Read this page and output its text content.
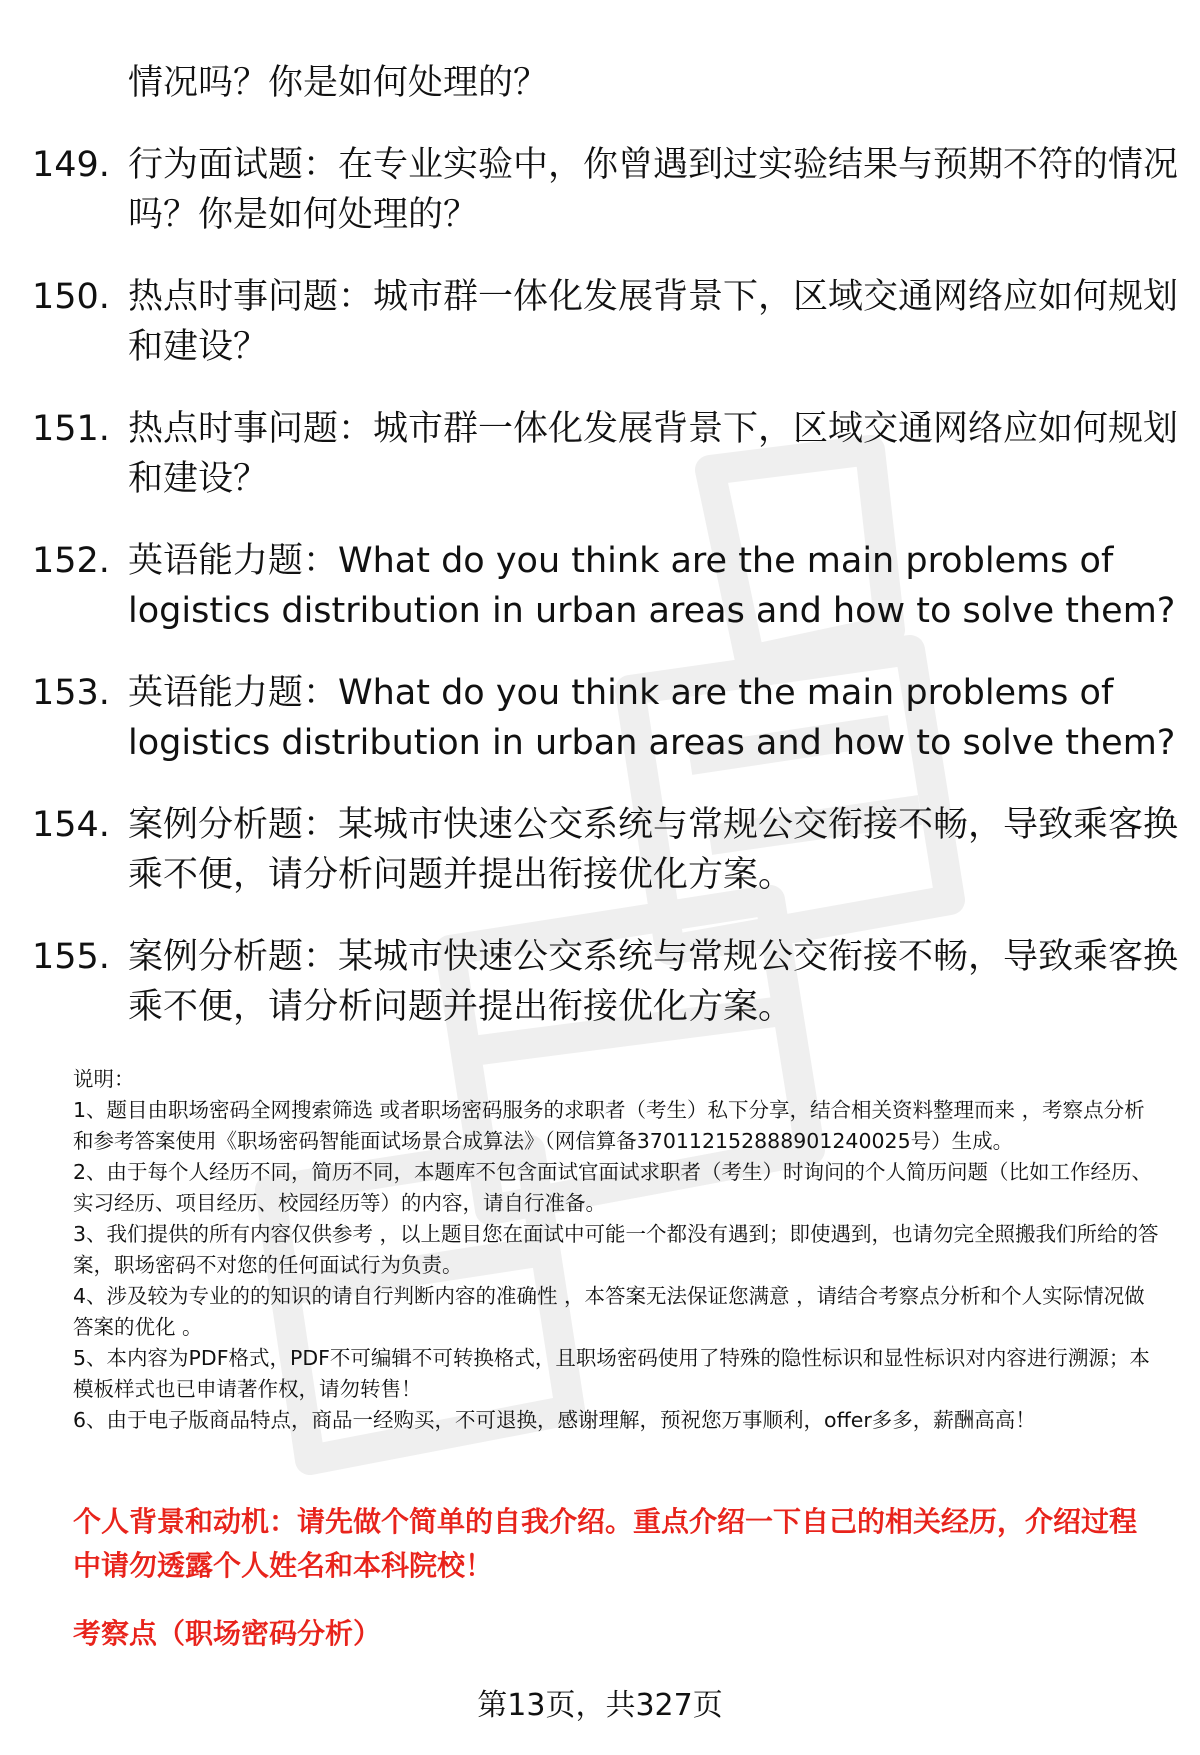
情况吗？你是如何处理的？
149. 行为面试题：在专业实验中，你曾遇到过实验结果与预期不符的情况吗？你是如何处理的？
150. 热点时事问题：城市群一体化发展背景下，区域交通网络应如何规划和建设？
151. 热点时事问题：城市群一体化发展背景下，区域交通网络应如何规划和建设？
152. 英语能力题：What do you think are the main problems of logistics distribution in urban areas and how to solve them?
153. 英语能力题：What do you think are the main problems of logistics distribution in urban areas and how to solve them?
154. 案例分析题：某城市快速公交系统与常规公交衔接不畅，导致乘客换乘不便，请分析问题并提出衔接优化方案。
155. 案例分析题：某城市快速公交系统与常规公交衔接不畅，导致乘客换乘不便，请分析问题并提出衔接优化方案。

说明：

1、题目由职场密码全网搜索筛选 或者职场密码服务的求职者（考生）私下分享，结合相关资料整理而来 ，考察点分析和参考答案使用《职场密码智能面试场景合成算法》（网信算备370112152888901240025号）生成。

2、由于每个人经历不同，简历不同，本题库不包含面试官面试求职者（考生）时询问的个人简历问题（比如工作经历、实习经历、项目经历、校园经历等）的内容，请自行准备。

3、我们提供的所有内容仅供参考 ，以上题目您在面试中可能一个都没有遇到；即使遇到，也请勿完全照搬我们所给的答案，职场密码不对您的任何面试行为负责。

4、涉及较为专业的的知识的请自行判断内容的准确性 ，本答案无法保证您满意 ，请结合考察点分析和个人实际情况做答案的优化 。

5、本内容为PDF格式，PDF不可编辑不可转换格式，且职场密码使用了特殊的隐性标识和显性标识对内容进行溯源；本模板样式也已申请著作权，请勿转售！

6、由于电子版商品特点，商品一经购买，不可退换，感谢理解，预祝您万事顺利，offer多多，薪酬高高！

个人背景和动机：请先做个简单的自我介绍。重点介绍一下自己的相关经历，介绍过程中请勿透露个人姓名和本科院校！
考察点（职场密码分析）
第13页，共327页
